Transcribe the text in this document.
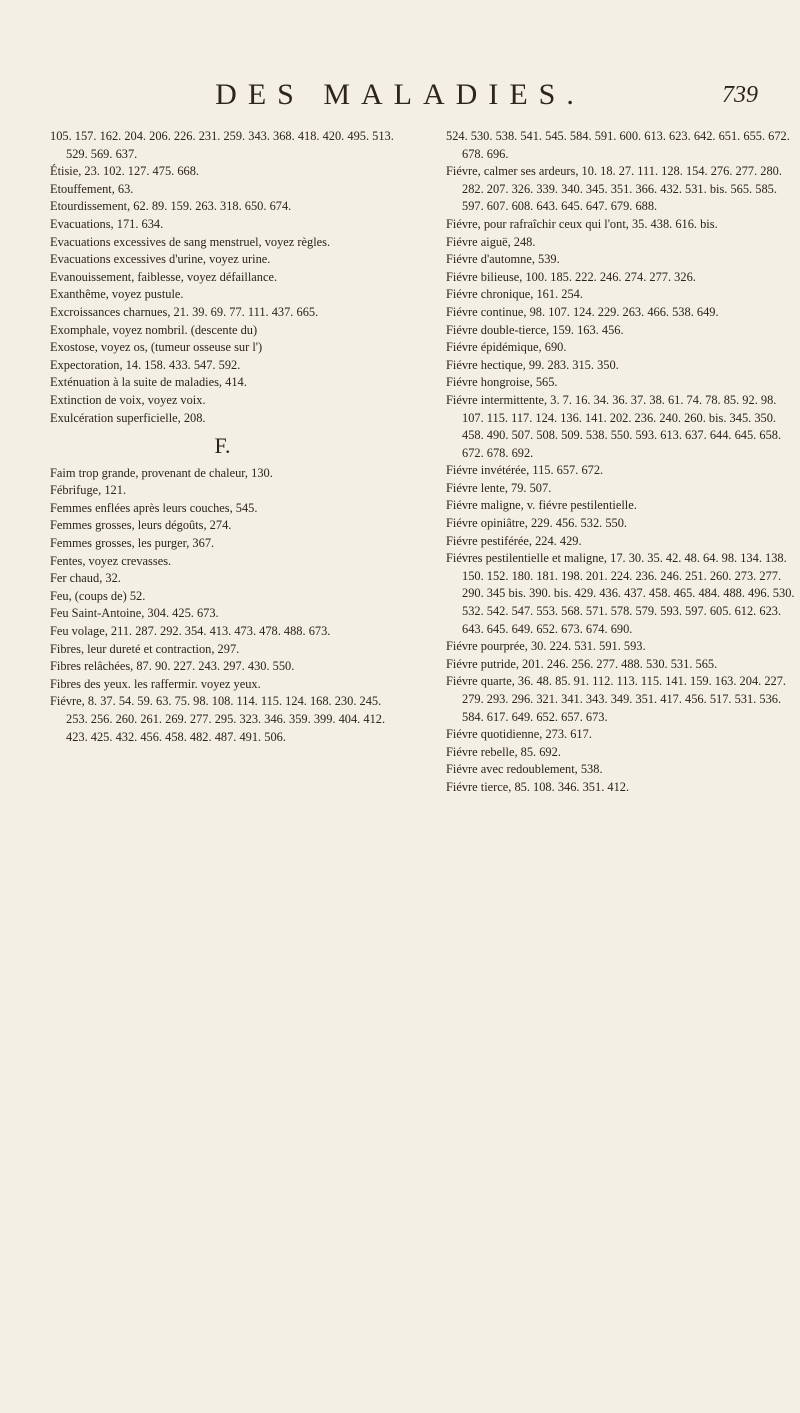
DES MALADIES.	739

105. 157. 162. 204. 206. 226. 231. 259. 343. 368. 418. 420. 495. 513. 529. 569. 637.

Étisie, 23. 102. 127. 475. 668.

Etouffement, 63.

Etourdissement, 62. 89. 159. 263. 318. 650. 674.

Evacuations, 171. 634.

Evacuations excessives de sang menstruel, voyez règles.

Evacuations excessives d'urine, voyez urine.

Evanouissement, faiblesse, voyez défaillance.

Exanthême, voyez pustule.

Excroissances charnues, 21. 39. 69. 77. 111. 437. 665.

Exomphale, voyez nombril. (descente du)

Exostose, voyez os, (tumeur osseuse sur l')

Expectoration, 14. 158. 433. 547. 592.

Exténuation à la suite de maladies, 414.

Extinction de voix, voyez voix.

Exulcération superficielle, 208.

F.

Faim trop grande, provenant de chaleur, 130.

Fébrifuge, 121.

Femmes enflées après leurs couches, 545.

Femmes grosses, leurs dégoûts, 274.

Femmes grosses, les purger, 367.

Fentes, voyez crevasses.

Fer chaud, 32.

Feu, (coups de) 52.

Feu Saint-Antoine, 304. 425. 673.

Feu volage, 211. 287. 292. 354. 413. 473. 478. 488. 673.

Fibres, leur dureté et contraction, 297.

Fibres relâchées, 87. 90. 227. 243. 297. 430. 550.

Fibres des yeux. les raffermir. voyez yeux.

Fiévre, 8. 37. 54. 59. 63. 75. 98. 108. 114. 115. 124. 168. 230. 245. 253. 256. 260. 261. 269. 277. 295. 323. 346. 359. 399. 404. 412. 423. 425. 432. 456. 458. 482. 487. 491. 506.

524. 530. 538. 541. 545. 584. 591. 600. 613. 623. 642. 651. 655. 672. 678. 696.

Fiévre, calmer ses ardeurs, 10. 18. 27. 111. 128. 154. 276. 277. 280. 282. 207. 326. 339. 340. 345. 351. 366. 432. 531. bis. 565. 585. 597. 607. 608. 643. 645. 647. 679. 688.

Fiévre, pour rafraîchir ceux qui l'ont, 35. 438. 616. bis.

Fiévre aiguë, 248.

Fiévre d'automne, 539.

Fiévre bilieuse, 100. 185. 222. 246. 274. 277. 326.

Fiévre chronique, 161. 254.

Fiévre continue, 98. 107. 124. 229. 263. 466. 538. 649.

Fiévre double-tierce, 159. 163. 456.

Fiévre épidémique, 690.

Fiévre hectique, 99. 283. 315. 350.

Fiévre hongroise, 565.

Fiévre intermittente, 3. 7. 16. 34. 36. 37. 38. 61. 74. 78. 85. 92. 98. 107. 115. 117. 124. 136. 141. 202. 236. 240. 260. bis. 345. 350. 458. 490. 507. 508. 509. 538. 550. 593. 613. 637. 644. 645. 658. 672. 678. 692.

Fiévre invétérée, 115. 657. 672.

Fiévre lente, 79. 507.

Fiévre maligne, v. fiévre pestilentielle.

Fiévre opiniâtre, 229. 456. 532. 550.

Fiévre pestiférée, 224. 429.

Fiévres pestilentielle et maligne, 17. 30. 35. 42. 48. 64. 98. 134. 138. 150. 152. 180. 181. 198. 201. 224. 236. 246. 251. 260. 273. 277. 290. 345 bis. 390. bis. 429. 436. 437. 458. 465. 484. 488. 496. 530. 532. 542. 547. 553. 568. 571. 578. 579. 593. 597. 605. 612. 623. 643. 645. 649. 652. 673. 674. 690.

Fiévre pourprée, 30. 224. 531. 591. 593.

Fiévre putride, 201. 246. 256. 277. 488. 530. 531. 565.

Fiévre quarte, 36. 48. 85. 91. 112. 113. 115. 141. 159. 163. 204. 227. 279. 293. 296. 321. 341. 343. 349. 351. 417. 456. 517. 531. 536. 584. 617. 649. 652. 657. 673.

Fiévre quotidienne, 273. 617.

Fiévre rebelle, 85. 692.

Fiévre avec redoublement, 538.

Fiévre tierce, 85. 108. 346. 351. 412.
